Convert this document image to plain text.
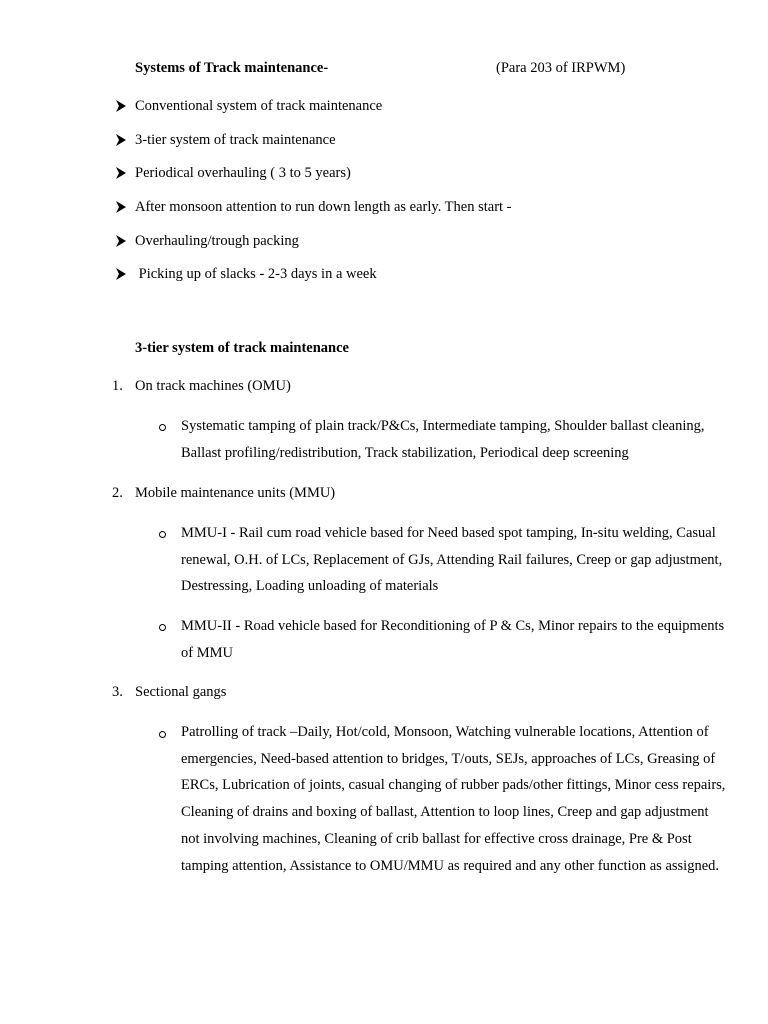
Systems of Track maintenance-	(Para 203 of IRPWM)
Conventional system of track maintenance
3-tier system of track maintenance
Periodical overhauling ( 3 to 5 years)
After monsoon attention to run down length as early. Then start -
Overhauling/trough packing
Picking up of slacks - 2-3 days in a week
3-tier system of track maintenance
1. On track machines (OMU)
Systematic tamping of plain track/P&Cs, Intermediate tamping, Shoulder ballast cleaning, Ballast profiling/redistribution, Track stabilization, Periodical deep screening
2. Mobile maintenance units (MMU)
MMU-I - Rail cum road vehicle based for Need based spot tamping, In-situ welding, Casual renewal, O.H. of LCs, Replacement of GJs, Attending Rail failures, Creep or gap adjustment, Destressing, Loading unloading of materials
MMU-II - Road vehicle based for Reconditioning of P & Cs, Minor repairs to the equipments of MMU
3. Sectional gangs
Patrolling of track –Daily, Hot/cold, Monsoon, Watching vulnerable locations, Attention of emergencies, Need-based attention to bridges, T/outs, SEJs, approaches of LCs, Greasing of ERCs, Lubrication of joints, casual changing of rubber pads/other fittings, Minor cess repairs, Cleaning of drains and boxing of ballast, Attention to loop lines, Creep and gap adjustment not involving machines, Cleaning of crib ballast for effective cross drainage, Pre & Post tamping attention, Assistance to OMU/MMU as required and any other function as assigned.
